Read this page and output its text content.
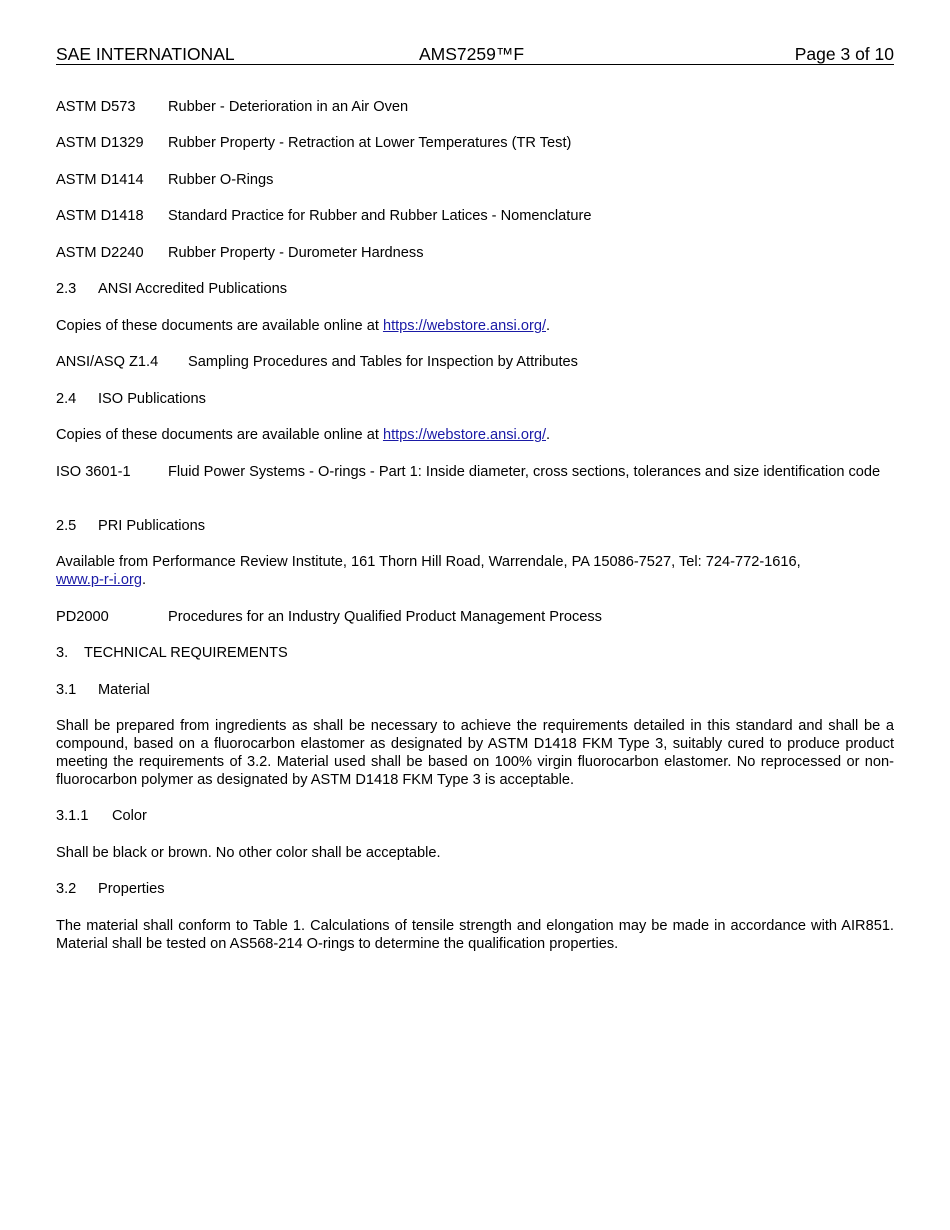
SAE INTERNATIONAL	AMS7259™F	Page 3 of 10
ASTM D573 Rubber - Deterioration in an Air Oven
ASTM D1329 Rubber Property - Retraction at Lower Temperatures (TR Test)
ASTM D1414 Rubber O-Rings
ASTM D1418 Standard Practice for Rubber and Rubber Latices - Nomenclature
ASTM D2240 Rubber Property - Durometer Hardness
2.3 ANSI Accredited Publications
Copies of these documents are available online at https://webstore.ansi.org/.
ANSI/ASQ Z1.4 Sampling Procedures and Tables for Inspection by Attributes
2.4 ISO Publications
Copies of these documents are available online at https://webstore.ansi.org/.
ISO 3601-1	Fluid Power Systems - O-rings - Part 1: Inside diameter, cross sections, tolerances and size identification code
2.5 PRI Publications
Available from Performance Review Institute, 161 Thorn Hill Road, Warrendale, PA 15086-7527, Tel: 724-772-1616,
www.p-r-i.org.
PD2000	Procedures for an Industry Qualified Product Management Process
3. TECHNICAL REQUIREMENTS
3.1 Material
Shall be prepared from ingredients as shall be necessary to achieve the requirements detailed in this standard and shall be a compound, based on a fluorocarbon elastomer as designated by ASTM D1418 FKM Type 3, suitably cured to produce product meeting the requirements of 3.2. Material used shall be based on 100% virgin fluorocarbon elastomer. No reprocessed or non-fluorocarbon polymer as designated by ASTM D1418 FKM Type 3 is acceptable.
3.1.1 Color
Shall be black or brown. No other color shall be acceptable.
3.2 Properties
The material shall conform to Table 1. Calculations of tensile strength and elongation may be made in accordance with AIR851. Material shall be tested on AS568-214 O-rings to determine the qualification properties.
